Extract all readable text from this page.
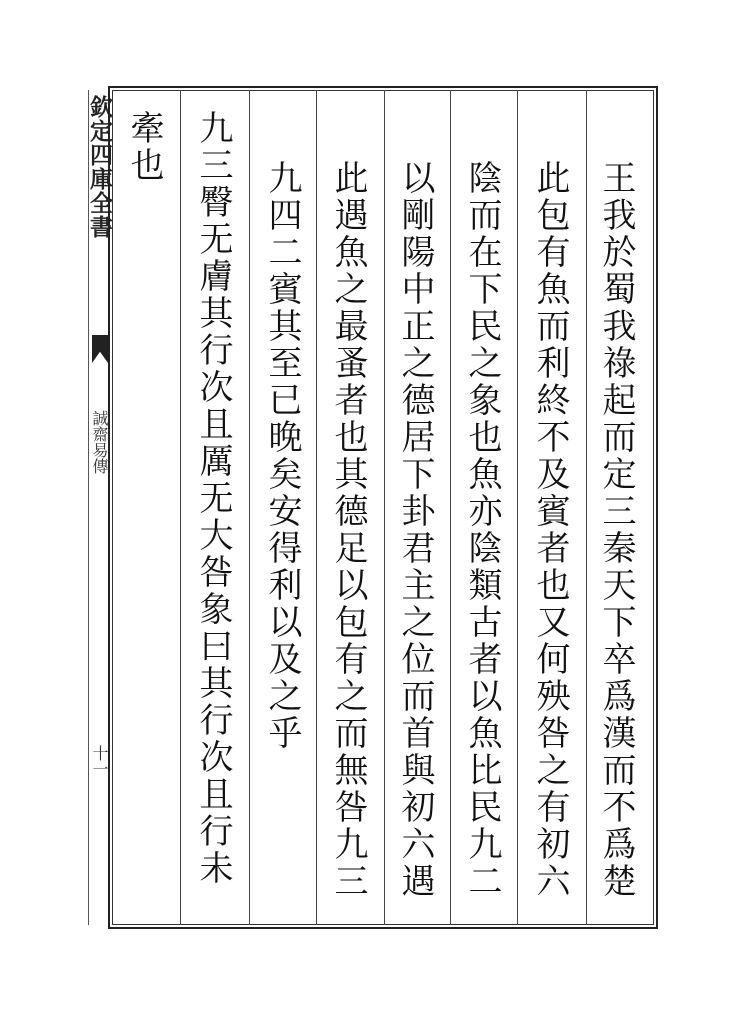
欽定四庫全書
誠齋易傳
十一	王我於蜀我祿起而定三秦天下卒爲漢而不爲楚
此包有魚而利終不及賓者也又何殃咎之有初六
陰而在下民之象也魚亦陰類古者以魚比民九二
以剛陽中正之德居下卦君主之位而首與初六遇
此遇魚之最蚤者也其德足以包有之而無咎九三
九四二賓其至已晚矣安得利以及之乎
九三臀无膚其行次且厲无大咎象曰其行次且行未
牽也
